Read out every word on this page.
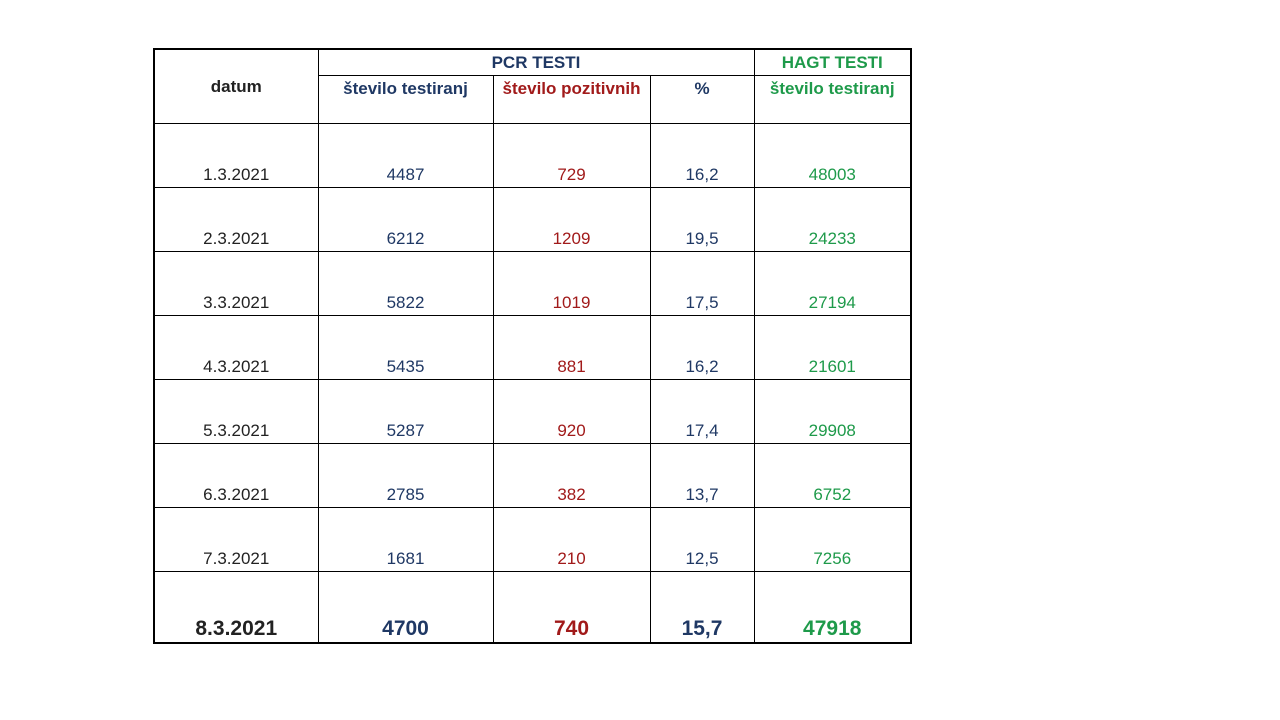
datum	PCR TESTI			HAGT TESTI

	število testiranj	število pozitivnih	%	število testiranj

1.3.2021	4487	729	16,2	48003
2.3.2021	6212	1209	19,5	24233
3.3.2021	5822	1019	17,5	27194
4.3.2021	5435	881	16,2	21601
5.3.2021	5287	920	17,4	29908
6.3.2021	2785	382	13,7	6752
7.3.2021	1681	210	12,5	7256
8.3.2021	4700	740	15,7	47918
